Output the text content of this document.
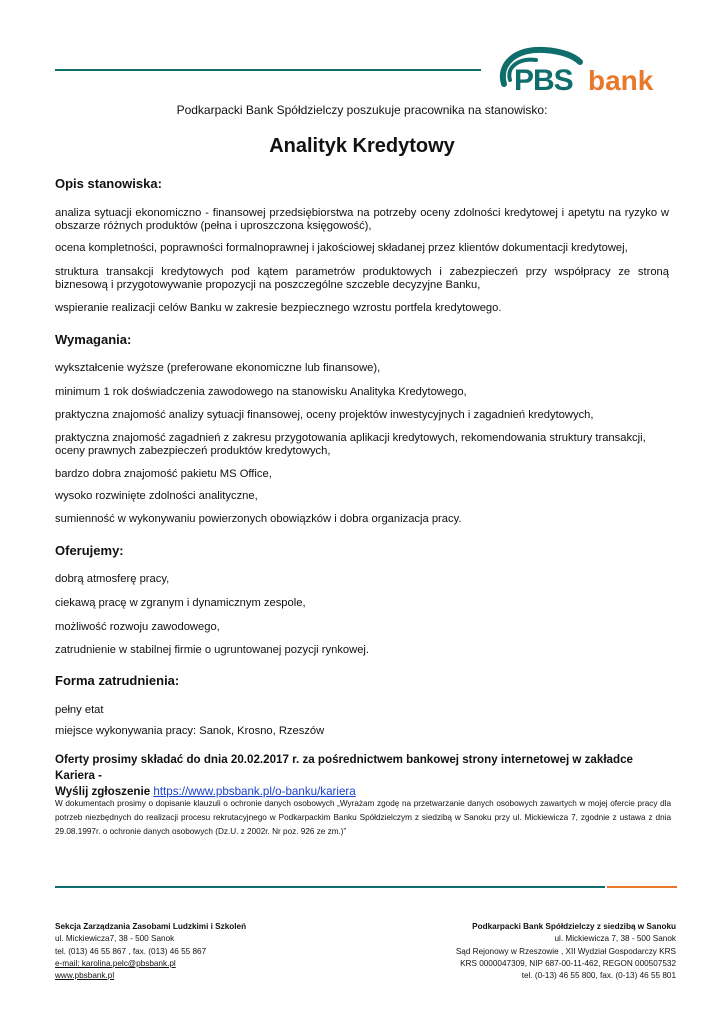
PBS bank
Podkarpacki Bank Spółdzielczy poszukuje pracownika na stanowisko:
Analityk Kredytowy
Opis stanowiska:
analiza sytuacji ekonomiczno - finansowej przedsiębiorstwa na potrzeby oceny zdolności kredytowej i apetytu na ryzyko w obszarze różnych produktów (pełna i uproszczona księgowość),
ocena kompletności, poprawności formalnoprawnej i jakościowej składanej przez klientów dokumentacji kredytowej,
struktura transakcji kredytowych pod kątem parametrów produktowych i zabezpieczeń przy współpracy ze stroną biznesową i przygotowywanie propozycji na poszczególne szczeble decyzyjne Banku,
wspieranie realizacji celów Banku w zakresie bezpiecznego wzrostu portfela kredytowego.
Wymagania:
wykształcenie wyższe (preferowane ekonomiczne lub finansowe),
minimum 1 rok doświadczenia zawodowego na stanowisku Analityka Kredytowego,
praktyczna znajomość analizy sytuacji finansowej, oceny projektów inwestycyjnych i zagadnień kredytowych,
praktyczna znajomość zagadnień z zakresu przygotowania aplikacji kredytowych, rekomendowania struktury transakcji, oceny prawnych zabezpieczeń produktów kredytowych,
bardzo dobra znajomość pakietu MS Office,
wysoko rozwinięte zdolności analityczne,
sumienność w wykonywaniu powierzonych obowiązków i dobra organizacja pracy.
Oferujemy:
dobrą atmosferę pracy,
ciekawą pracę w zgranym i dynamicznym zespole,
możliwość rozwoju zawodowego,
zatrudnienie w stabilnej firmie o ugruntowanej pozycji rynkowej.
Forma zatrudnienia:
pełny etat
miejsce wykonywania pracy: Sanok, Krosno, Rzeszów
Oferty prosimy składać do dnia 20.02.2017 r. za pośrednictwem bankowej strony internetowej w zakładce Kariera -
Wyślij zgłoszenie https://www.pbsbank.pl/o-banku/kariera
W dokumentach prosimy o dopisanie klauzuli o ochronie danych osobowych „Wyrażam zgodę na przetwarzanie danych osobowych zawartych w mojej ofercie pracy dla potrzeb niezbędnych do realizacji procesu rekrutacyjnego w Podkarpackim Banku Spółdzielczym z siedzibą w Sanoku przy ul. Mickiewicza 7, zgodnie z ustawa z dnia 29.08.1997r. o ochronie danych osobowych (Dz.U. z 2002r. Nr poz. 926 ze zm.)”
Sekcja Zarządzania Zasobami Ludzkimi i Szkoleń
ul. Mickiewicza7, 38 - 500 Sanok
tel. (013) 46 55 867 , fax. (013) 46 55 867
e-mail: karolina.pelc@pbsbank.pl
www.pbsbank.pl
Podkarpacki Bank Spółdzielczy z siedzibą w Sanoku
ul. Mickiewicza 7, 38 - 500 Sanok
Sąd Rejonowy w Rzeszowie , XII Wydział Gospodarczy KRS
KRS 0000047309, NIP 687-00-11-462, REGON 000507532
tel. (0-13) 46 55 800, fax. (0-13) 46 55 801
